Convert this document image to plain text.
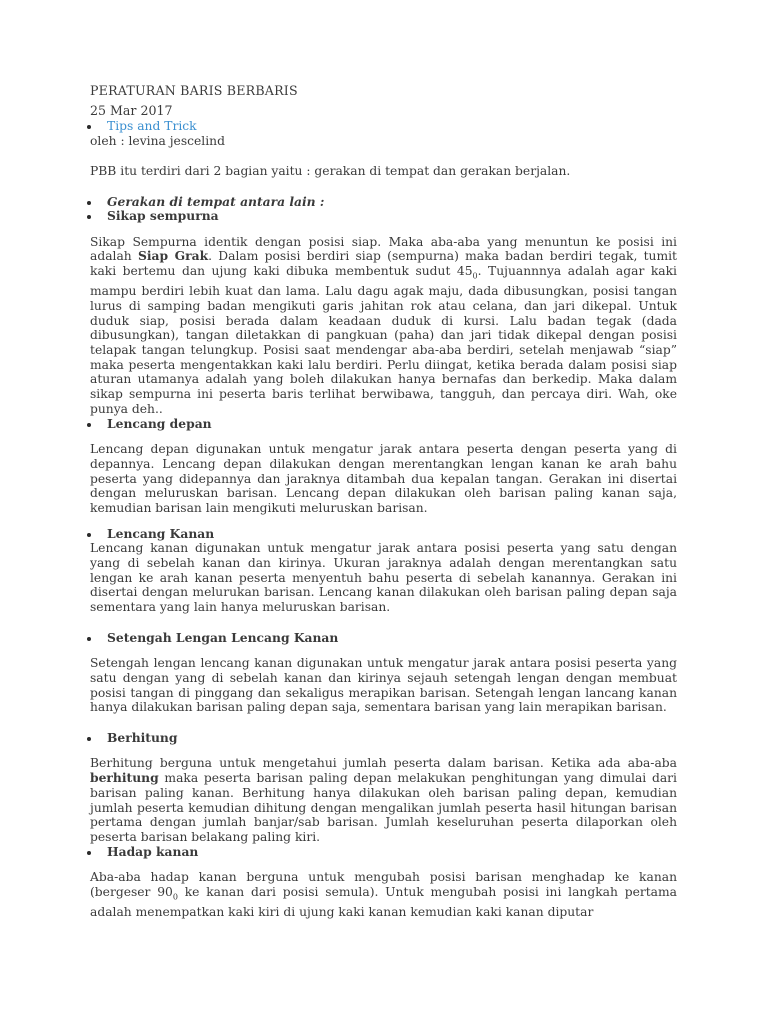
PERATURAN BARIS BERBARIS

25 Mar 2017
Tips and Trick
oleh : levina jescelind

PBB itu terdiri dari 2 bagian yaitu : gerakan di tempat dan gerakan berjalan.

Gerakan di tempat antara lain :
Sikap sempurna

Sikap Sempurna identik dengan posisi siap. Maka aba-aba yang menuntun ke posisi ini adalah Siap Grak. Dalam posisi berdiri siap (sempurna) maka badan berdiri tegak, tumit kaki bertemu dan ujung kaki dibuka membentuk sudut $45_0$. Tujuannnya adalah agar kaki mampu berdiri lebih kuat dan lama. Lalu dagu agak maju, dada dibusungkan, posisi tangan lurus di samping badan mengikuti garis jahitan rok atau celana, dan jari dikepal. Untuk duduk siap, posisi berada dalam keadaan duduk di kursi. Lalu badan tegak (dada dibusungkan), tangan diletakkan di pangkuan (paha) dan jari tidak dikepal dengan posisi telapak tangan telungkup. Posisi saat mendengar aba-aba berdiri, setelah menjawab “siap” maka peserta mengentakkan kaki lalu berdiri. Perlu diingat, ketika berada dalam posisi siap aturan utamanya adalah yang boleh dilakukan hanya bernafas dan berkedip. Maka dalam sikap sempurna ini peserta baris terlihat berwibawa, tangguh, dan percaya diri. Wah, oke punya deh..

Lencang depan

Lencang depan digunakan untuk mengatur jarak antara peserta dengan peserta yang di depannya. Lencang depan dilakukan dengan merentangkan lengan kanan ke arah bahu peserta yang didepannya dan jaraknya ditambah dua kepalan tangan. Gerakan ini disertai dengan meluruskan barisan. Lencang depan dilakukan oleh barisan paling kanan saja, kemudian barisan lain mengikuti meluruskan barisan.

Lencang Kanan

Lencang kanan digunakan untuk mengatur jarak antara posisi peserta yang satu dengan yang di sebelah kanan dan kirinya. Ukuran jaraknya adalah dengan merentangkan satu lengan ke arah kanan peserta menyentuh bahu peserta di sebelah kanannya. Gerakan ini disertai dengan melurukan barisan. Lencang kanan dilakukan oleh barisan paling depan saja sementara yang lain hanya meluruskan barisan.

Setengah Lengan Lencang Kanan

Setengah lengan lencang kanan digunakan untuk mengatur jarak antara posisi peserta yang satu dengan yang di sebelah kanan dan kirinya sejauh setengah lengan dengan membuat posisi tangan di pinggang dan sekaligus merapikan barisan. Setengah lengan lancang kanan hanya dilakukan barisan paling depan saja, sementara barisan yang lain merapikan barisan.

Berhitung

Berhitung berguna untuk mengetahui jumlah peserta dalam barisan. Ketika ada aba-aba berhitung maka peserta barisan paling depan melakukan penghitungan yang dimulai dari barisan paling kanan. Berhitung hanya dilakukan oleh barisan paling depan, kemudian jumlah peserta kemudian dihitung dengan mengalikan jumlah peserta hasil hitungan barisan pertama dengan jumlah banjar/sab barisan. Jumlah keseluruhan peserta dilaporkan oleh peserta barisan belakang paling kiri.

Hadap kanan

Aba-aba hadap kanan berguna untuk mengubah posisi barisan menghadap ke kanan (bergeser $90_0$ ke kanan dari posisi semula). Untuk mengubah posisi ini langkah pertama adalah menempatkan kaki kiri di ujung kaki kanan kemudian kaki kanan diputar
